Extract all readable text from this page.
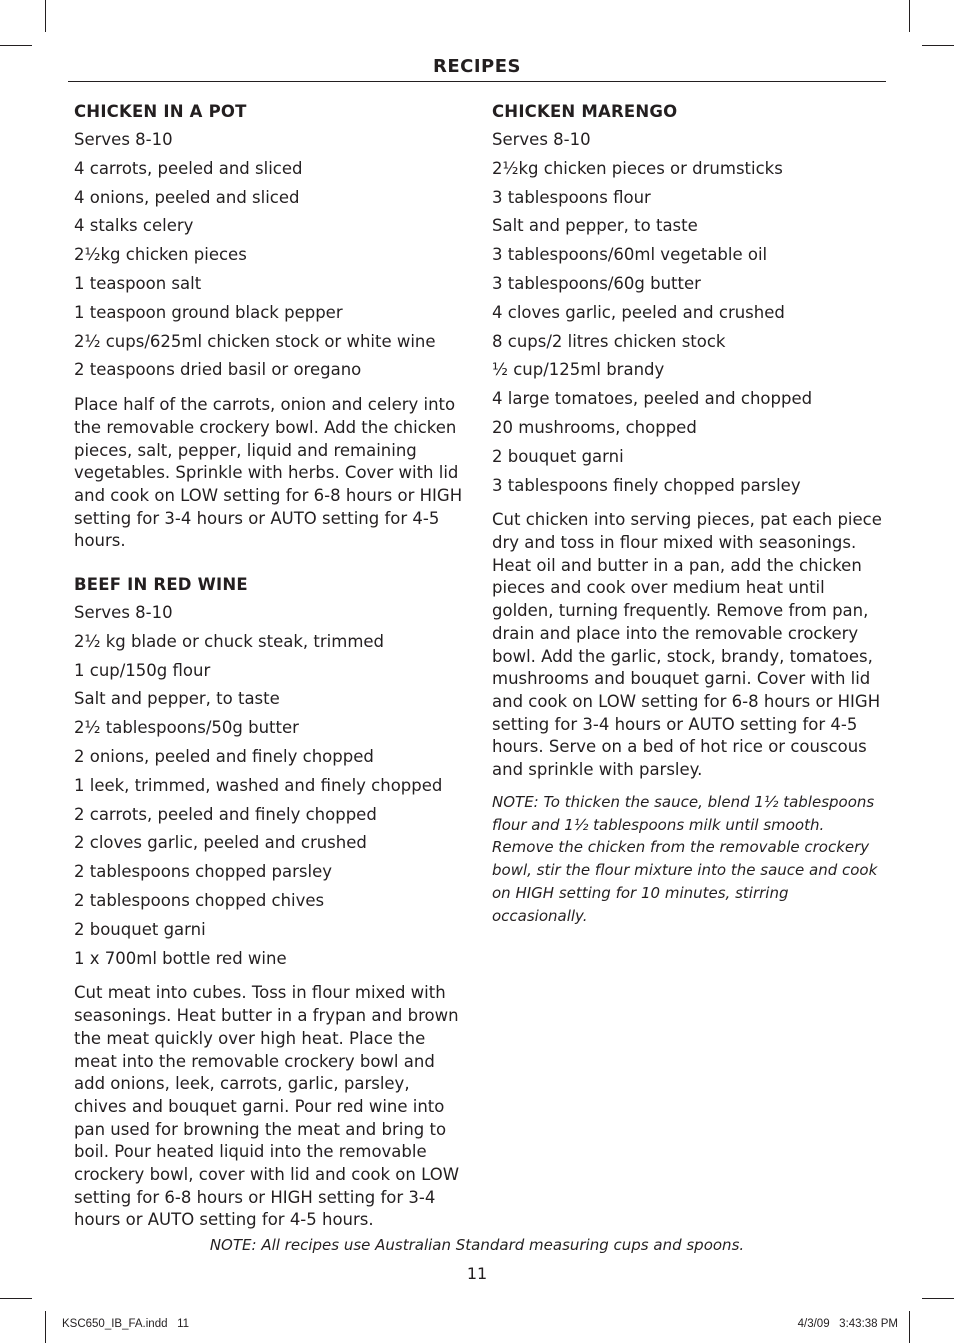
RECIPES
CHICKEN IN A POT

Serves 8-10

4 carrots, peeled and sliced

4 onions, peeled and sliced

4 stalks celery

2½kg chicken pieces

1 teaspoon salt

1 teaspoon ground black pepper

2½ cups/625ml chicken stock or white wine

2 teaspoons dried basil or oregano

Place half of the carrots, onion and celery into the removable crockery bowl. Add the chicken pieces, salt, pepper, liquid and remaining vegetables. Sprinkle with herbs. Cover with lid and cook on LOW setting for 6-8 hours or HIGH setting for 3-4 hours or AUTO setting for 4-5 hours.

BEEF IN RED WINE

Serves 8-10

2½ kg blade or chuck steak, trimmed

1 cup/150g flour

Salt and pepper, to taste

2½ tablespoons/50g butter

2 onions, peeled and finely chopped

1 leek, trimmed, washed and finely chopped

2 carrots, peeled and finely chopped

2 cloves garlic, peeled and crushed

2 tablespoons chopped parsley

2 tablespoons chopped chives

2 bouquet garni

1 x 700ml bottle red wine

Cut meat into cubes. Toss in flour mixed with seasonings. Heat butter in a frypan and brown the meat quickly over high heat. Place the meat into the removable crockery bowl and add onions, leek, carrots, garlic, parsley, chives and bouquet garni. Pour red wine into pan used for browning the meat and bring to boil. Pour heated liquid into the removable crockery bowl, cover with lid and cook on LOW setting for 6-8 hours or HIGH setting for 3-4 hours or AUTO setting for 4-5 hours.

CHICKEN MARENGO

Serves 8-10

2½kg chicken pieces or drumsticks

3 tablespoons flour

Salt and pepper, to taste

3 tablespoons/60ml vegetable oil

3 tablespoons/60g butter

4 cloves garlic, peeled and crushed

8 cups/2 litres chicken stock

½ cup/125ml brandy

4 large tomatoes, peeled and chopped

20 mushrooms, chopped

2 bouquet garni

3 tablespoons finely chopped parsley

Cut chicken into serving pieces, pat each piece dry and toss in flour mixed with seasonings. Heat oil and butter in a pan, add the chicken pieces and cook over medium heat until golden, turning frequently. Remove from pan, drain and place into the removable crockery bowl. Add the garlic, stock, brandy, tomatoes, mushrooms and bouquet garni. Cover with lid and cook on LOW setting for 6-8 hours or HIGH setting for 3-4 hours or AUTO setting for 4-5 hours. Serve on a bed of hot rice or couscous and sprinkle with parsley.

NOTE: To thicken the sauce, blend 1½ tablespoons flour and 1½ tablespoons milk until smooth. Remove the chicken from the removable crockery bowl, stir the flour mixture into the sauce and cook on HIGH setting for 10 minutes, stirring occasionally.

NOTE: All recipes use Australian Standard measuring cups and spoons.
11
KSC650_IB_FA.indd   11	4/3/09   3:43:38 PM
